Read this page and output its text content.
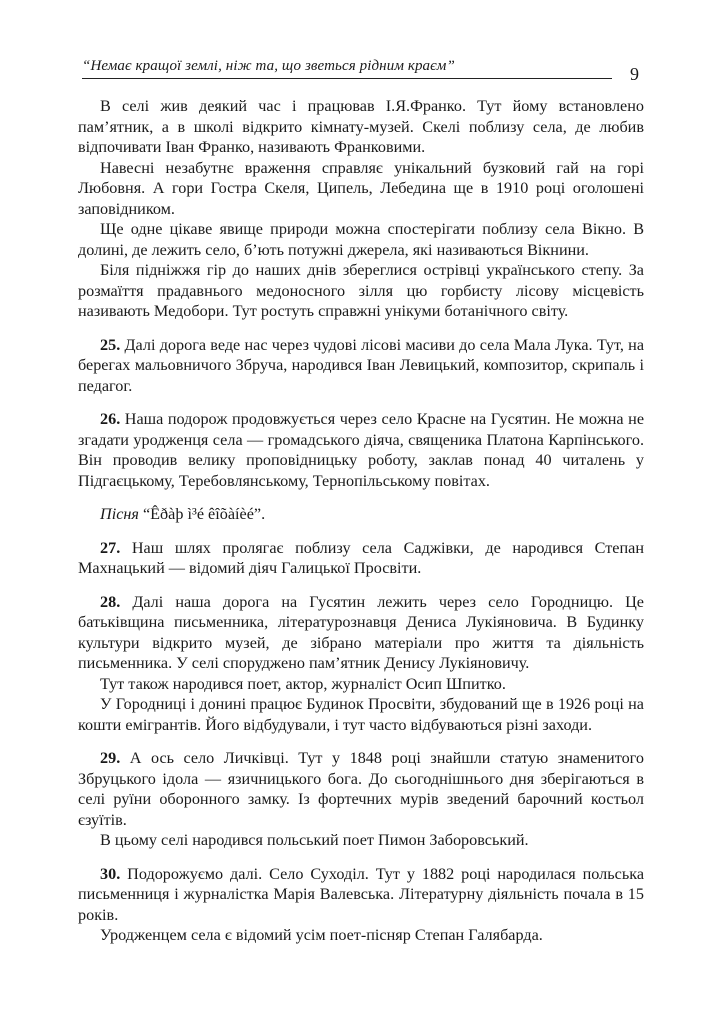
“Немає кращої землі, ніж та, що зветься рідним краєм”	9

В селі жив деякий час і працював І.Я.Франко. Тут йому встановлено пам’ятник, а в школі відкрито кімнату-музей. Скелі поблизу села, де любив відпочивати Іван Франко, називають Франковими.

Навесні незабутнє враження справляє унікальний бузковий гай на горі Любовня. А гори Гостра Скеля, Ципель, Лебедина ще в 1910 році оголошені заповідником.

Ще одне цікаве явище природи можна спостерігати поблизу села Вікно. В долині, де лежить село, б’ють потужні джерела, які називаються Вікнини.

Біля підніжжя гір до наших днів збереглися острівці українського степу. За розмаїття прадавнього медоносного зілля цю горбисту лісову місцевість називають Медобори. Тут ростуть справжні унікуми ботанічного світу.

25. Далі дорога веде нас через чудові лісові масиви до села Мала Лука. Тут, на берегах мальовничого Збруча, народився Іван Левицький, композитор, скрипаль і педагог.

26. Наша подорож продовжується через село Красне на Гусятин. Не можна не згадати уродженця села — громадського діяча, священика Платона Карпінського. Він проводив велику проповідницьку роботу, заклав понад 40 читалень у Підгаєцькому, Теребовлянському, Тернопільському повітах.

Пісня “Êðàþ ì³é êîõàíèé”.

27. Наш шлях пролягає поблизу села Саджівки, де народився Степан Махнацький — відомий діяч Галицької Просвіти.

28. Далі наша дорога на Гусятин лежить через село Городницю. Це батьківщина письменника, літературознавця Дениса Лукіяновича. В Будинку культури відкрито музей, де зібрано матеріали про життя та діяльність письменника. У селі споруджено пам’ятник Денису Лукіяновичу.

Тут також народився поет, актор, журналіст Осип Шпитко.

У Городниці і донині працює Будинок Просвіти, збудований ще в 1926 році на кошти емігрантів. Його відбудували, і тут часто відбуваються різні заходи.

29. А ось село Личківці. Тут у 1848 році знайшли статую знаменитого Збруцького ідола — язичницького бога. До сьогоднішнього дня зберігаються в селі руїни оборонного замку. Із фортечних мурів зведений барочний костьол єзуїтів.

В цьому селі народився польський поет Пимон Заборовський.

30. Подорожуємо далі. Село Суходіл. Тут у 1882 році народилася польська письменниця і журналістка Марія Валевська. Літературну діяльність почала в 15 років.

Уродженцем села є відомий усім поет-пісняр Степан Галябарда.
